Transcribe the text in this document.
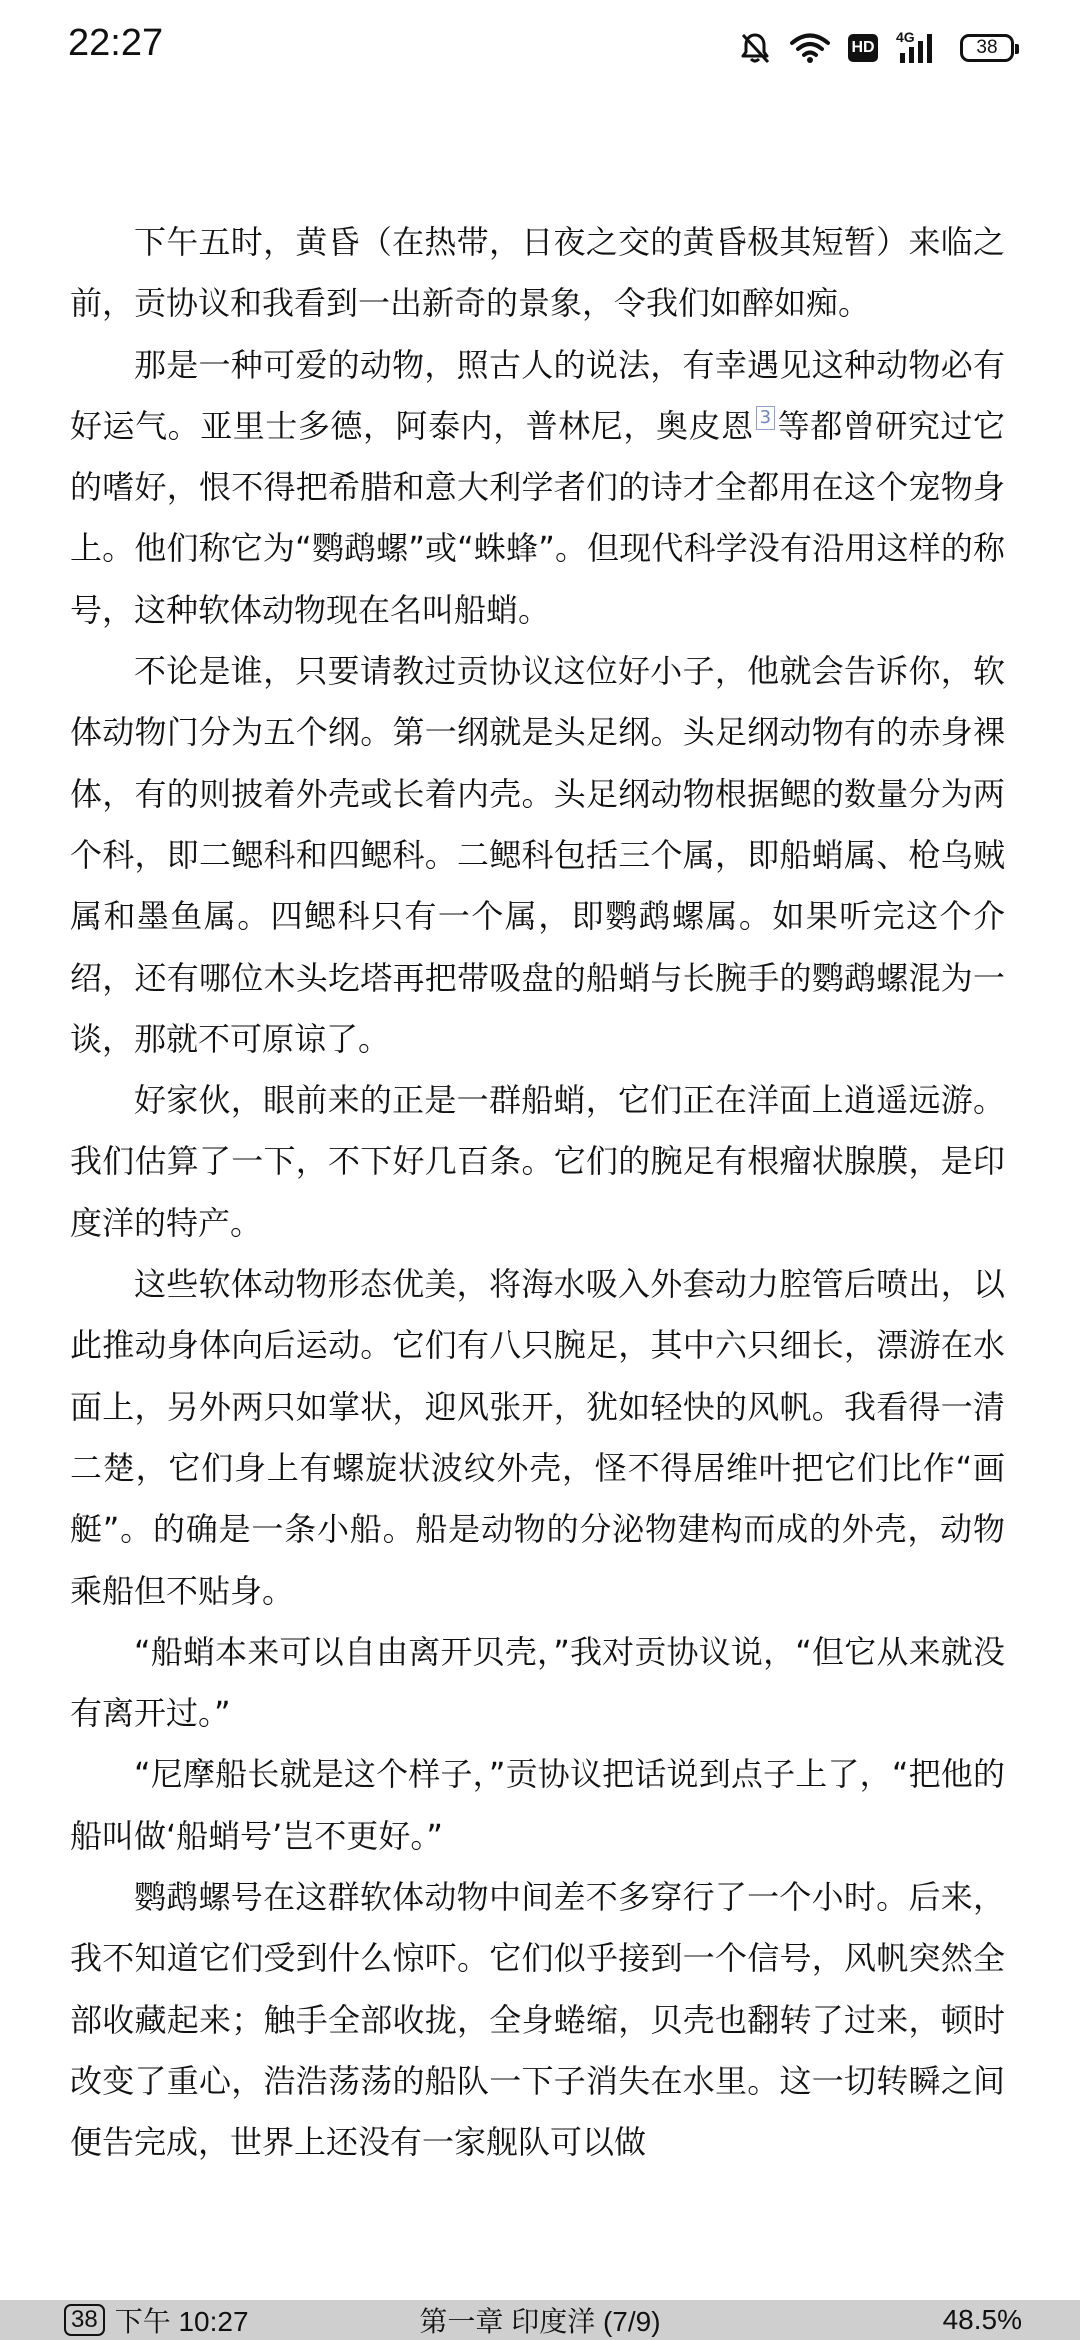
22:27	HD
4G	38

下午五时，黄昏（在热带，日夜之交的黄昏极其短暂）来临之前，贡协议和我看到一出新奇的景象，令我们如醉如痴。

那是一种可爱的动物，照古人的说法，有幸遇见这种动物必有好运气。亚里士多德，阿泰内，普林尼，奥皮恩 3 等都曾研究过它的嗜好，恨不得把希腊和意大利学者们的诗才全都用在这个宠物身上。他们称它为“鹦鹉螺”或“蛛蜂”。但现代科学没有沿用这样的称号，这种软体动物现在名叫船蛸。

不论是谁，只要请教过贡协议这位好小子，他就会告诉你，软体动物门分为五个纲。第一纲就是头足纲。头足纲动物有的赤身裸体，有的则披着外壳或长着内壳。头足纲动物根据鳃的数量分为两个科，即二鳃科和四鳃科。二鳃科包括三个属，即船蛸属、枪乌贼属和墨鱼属。四鳃科只有一个属，即鹦鹉螺属。如果听完这个介绍，还有哪位木头圪塔再把带吸盘的船蛸与长腕手的鹦鹉螺混为一谈，那就不可原谅了。

好家伙，眼前来的正是一群船蛸，它们正在洋面上逍遥远游。我们估算了一下，不下好几百条。它们的腕足有根瘤状腺膜，是印度洋的特产。

这些软体动物形态优美，将海水吸入外套动力腔管后喷出，以此推动身体向后运动。它们有八只腕足，其中六只细长，漂游在水面上，另外两只如掌状，迎风张开，犹如轻快的风帆。我看得一清二楚，它们身上有螺旋状波纹外壳，怪不得居维叶把它们比作“画艇”。的确是一条小船。船是动物的分泌物建构而成的外壳，动物乘船但不贴身。

“船蛸本来可以自由离开贝壳，”我对贡协议说，“但它从来就没有离开过。”

“尼摩船长就是这个样子，”贡协议把话说到点子上了，“把他的船叫做‘船蛸号’岂不更好。”

鹦鹉螺号在这群软体动物中间差不多穿行了一个小时。后来，我不知道它们受到什么惊吓。它们似乎接到一个信号，风帆突然全部收藏起来；触手全部收拢，全身蜷缩，贝壳也翻转了过来，顿时改变了重心，浩浩荡荡的船队一下子消失在水里。这一切转瞬之间便告完成，世界上还没有一家舰队可以做

第一章 印度洋 (7/9)
38 下午 10:27	48.5%
